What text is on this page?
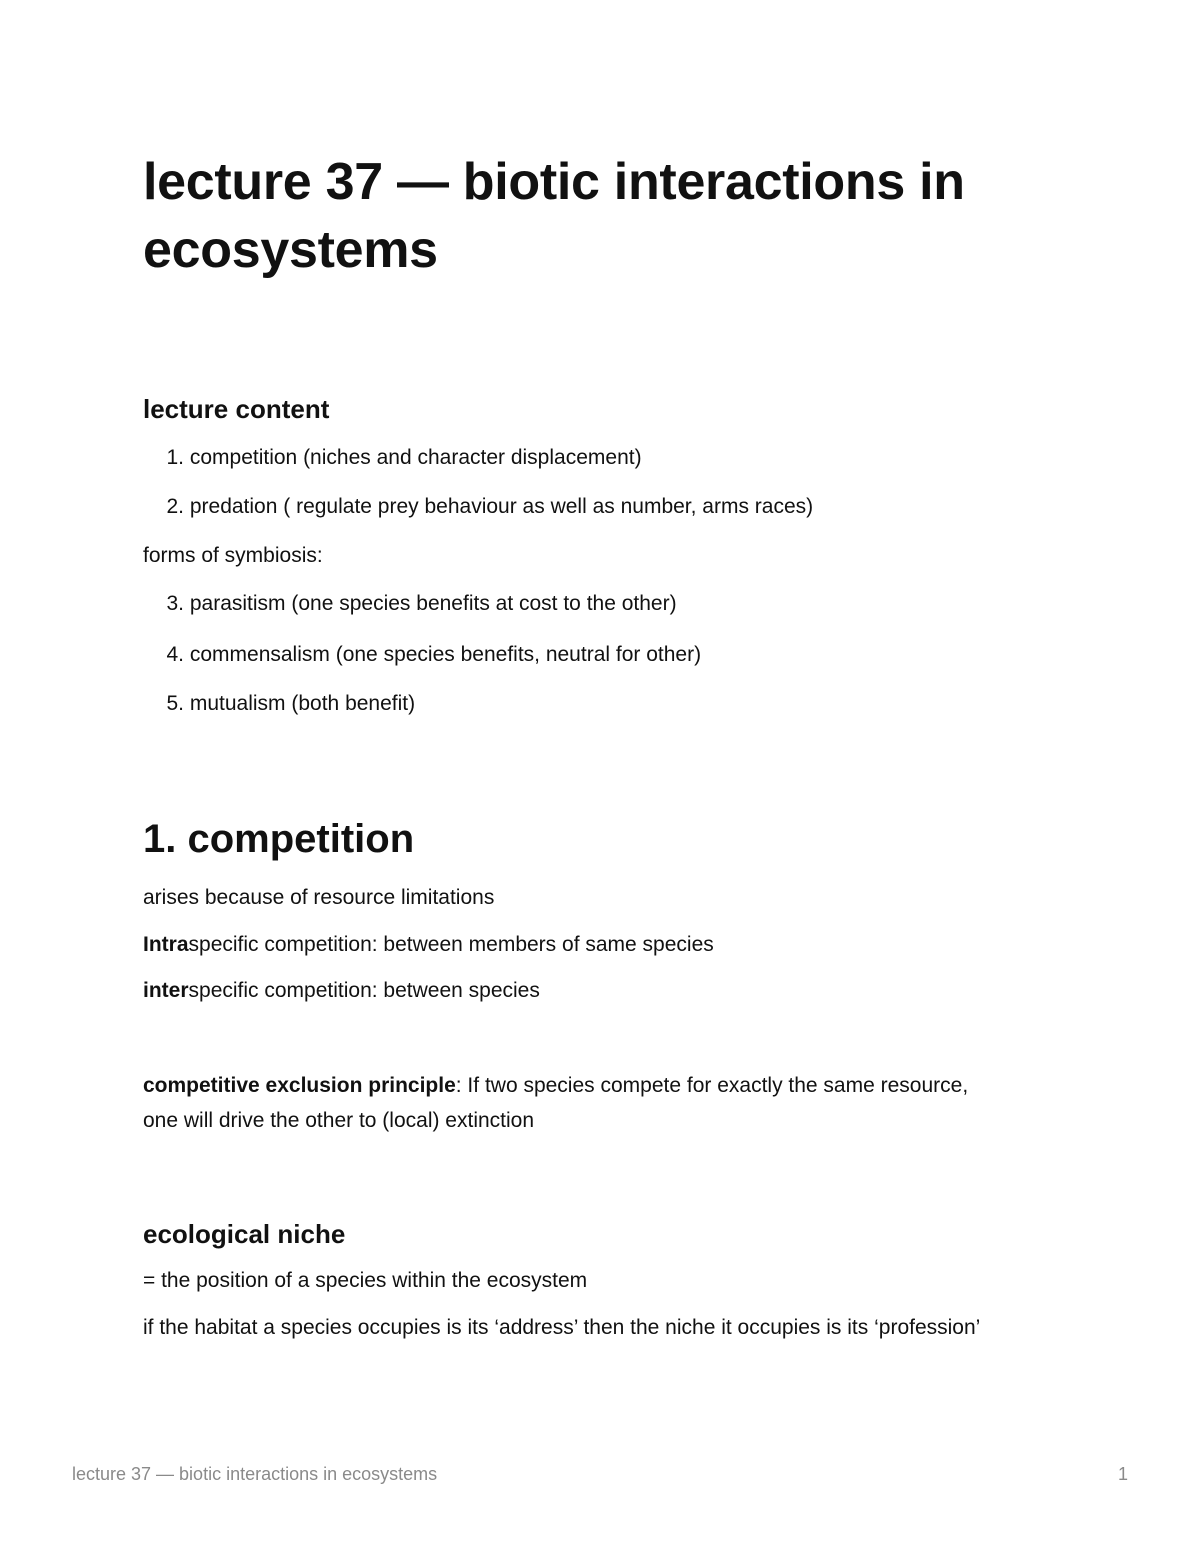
lecture 37 — biotic interactions in ecosystems
lecture content
1. competition (niches and character displacement)
2. predation ( regulate prey behaviour as well as number, arms races)
forms of symbiosis:
3. parasitism (one species benefits at cost to the other)
4. commensalism (one species benefits, neutral for other)
5. mutualism (both benefit)
1. competition
arises because of resource limitations
Intraspecific competition: between members of same species
interspecific competition: between species
competitive exclusion principle: If two species compete for exactly the same resource, one will drive the other to (local) extinction
ecological niche
= the position of a species within the ecosystem
if the habitat a species occupies is its ‘address’ then the niche it occupies is its ‘profession’
lecture 37 — biotic interactions in ecosystems	1
